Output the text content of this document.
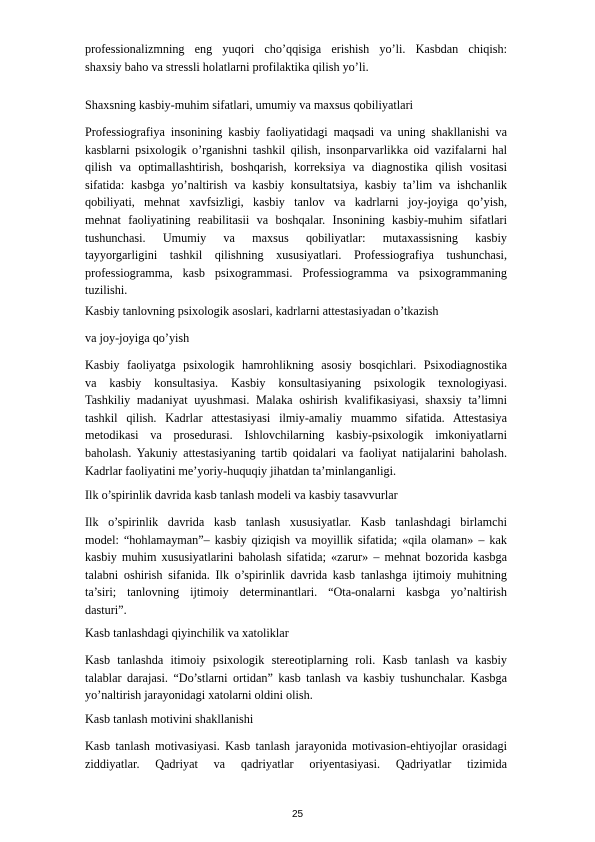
professionalizmning eng yuqori cho’qqisiga erishish yo’li. Kasbdan chiqish:
shaxsiy baho va stressli holatlarni profilaktika qilish yo’li.
Shaxsning kasbiy-muhim sifatlari, umumiy va maxsus qobiliyatlari
Professiografiya insonining kasbiy faoliyatidagi maqsadi va uning shakllanishi va
kasblarni psixologik o’rganishni tashkil qilish, insonparvarlikka oid vazifalarni hal
qilish va optimallashtirish, boshqarish, korreksiya va diagnostika qilish vositasi
sifatida: kasbga yo’naltirish va kasbiy konsultatsiya, kasbiy ta’lim va ishchanlik
qobiliyati, mehnat xavfsizligi, kasbiy tanlov va kadrlarni joy-joyiga qo’yish,
mehnat faoliyatining reabilitasii va boshqalar. Insonining kasbiy-muhim sifatlari
tushunchasi. Umumiy va maxsus qobiliyatlar: mutaxassisning kasbiy
tayyorgarligini tashkil qilishning xususiyatlari. Professiografiya tushunchasi,
professiogramma, kasb psixogrammasi. Professiogramma va psixogrammaning
tuzilishi.
Kasbiy tanlovning psixologik asoslari, kadrlarni attestasiyadan o’tkazish
va joy-joyiga qo’yish
Kasbiy faoliyatga psixologik hamrohlikning asosiy bosqichlari. Psixodiagnostika
va kasbiy konsultasiya. Kasbiy konsultasiyaning psixologik texnologiyasi.
Tashkiliy madaniyat uyushmasi. Malaka oshirish kvalifikasiyasi, shaxsiy ta’limni
tashkil qilish. Kadrlar attestasiyasi ilmiy-amaliy muammo sifatida. Attestasiya
metodikasi va prosedurasi. Ishlovchilarning kasbiy-psixologik imkoniyatlarni
baholash. Yakuniy attestasiyaning tartib qoidalari va faoliyat natijalarini baholash.
Kadrlar faoliyatini me’yoriy-huquqiy jihatdan ta’minlanganligi.
Ilk o’spirinlik davrida kasb tanlash modeli va kasbiy tasavvurlar
Ilk o’spirinlik davrida kasb tanlash xususiyatlar. Kasb tanlashdagi birlamchi
model: “hohlamayman”– kasbiy qiziqish va moyillik sifatida; «qila olaman» – kak
kasbiy muhim xususiyatlarini baholash sifatida; «zarur» – mehnat bozorida kasbga
talabni oshirish sifanida. Ilk o’spirinlik davrida kasb tanlashga ijtimoiy muhitning
ta’siri; tanlovning ijtimoiy determinantlari. “Ota-onalarni kasbga yo’naltirish
dasturi”.
Kasb tanlashdagi qiyinchilik va xatoliklar
Kasb tanlashda itimoiy psixologik stereotiplarning roli. Kasb tanlash va kasbiy
talablar darajasi. “Do’stlarni ortidan” kasb tanlash va kasbiy tushunchalar. Kasbga
yo’naltirish jarayonidagi xatolarni oldini olish.
Kasb tanlash motivini shakllanishi
Kasb tanlash motivasiyasi. Kasb tanlash jarayonida motivasion-ehtiyojlar orasidagi
ziddiyatlar. Qadriyat va qadriyatlar oriyentasiyasi. Qadriyatlar tizimida
25
